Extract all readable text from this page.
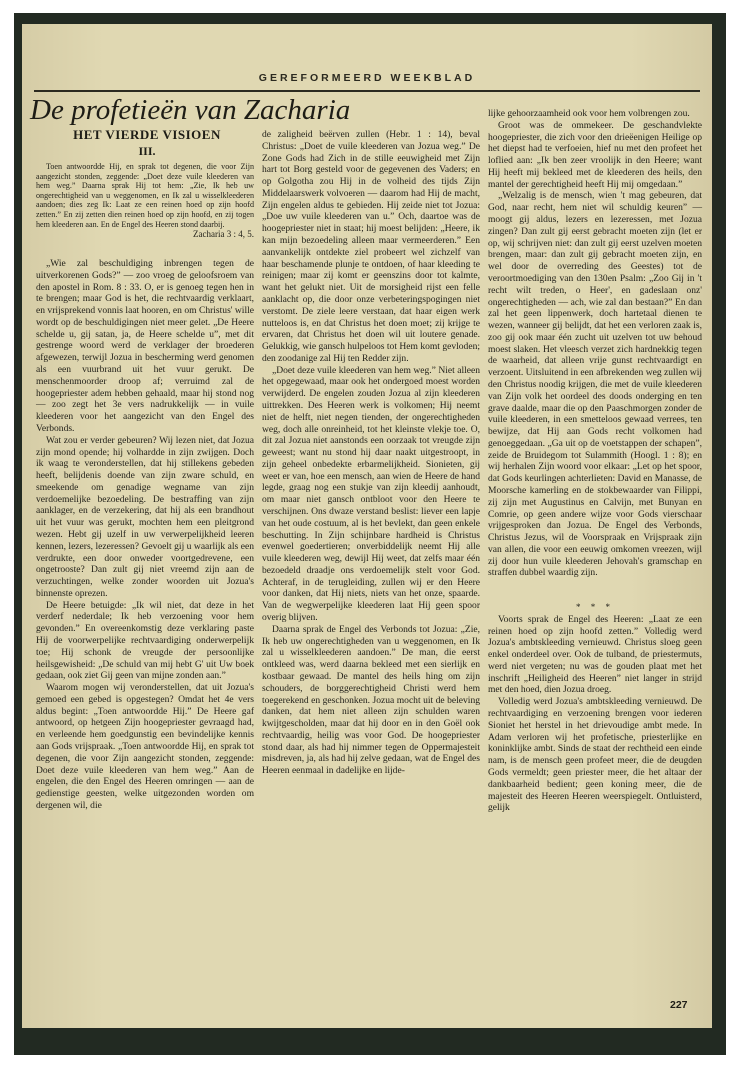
GEREFORMEERD WEEKBLAD
De profetieën van Zacharia
HET VIERDE VISIOEN
III.

Toen antwoordde Hij, en sprak tot degenen, die voor Zijn aangezicht stonden, zeggende: „Doet deze vuile kleederen van hem weg.” Daarna sprak Hij tot hem: „Zie, Ik heb uw ongerechtigheid van u weggenomen, en Ik zal u wisselkleederen aandoen; dies zeg Ik: Laat ze een reinen hoed op zijn hoofd zetten.” En zij zetten dien reinen hoed op zijn hoofd, en zij togen hem kleederen aan. En de Engel des Heeren stond daarbij.

Zacharia 3 : 4, 5.

„Wie zal beschuldiging inbrengen tegen de uitverkorenen Gods?” — zoo vroeg de geloofsroem van den apostel in Rom. 8 : 33. O, er is genoeg tegen hen in te brengen; maar God is het, die rechtvaardig verklaart, en vrijsprekend vonnis laat hooren, en om Christus' wille wordt op de beschuldigingen niet meer gelet. „De Heere schelde u, gij satan, ja, de Heere schelde u”, met dit gestrenge woord werd de verklager der broederen afgewezen, terwijl Jozua in bescherming werd genomen als een vuurbrand uit het vuur gerukt. De menschenmoorder droop af; verruimd zal de hoogepriester adem hebben gehaald, maar hij stond nog — zoo zegt het 3e vers nadrukkelijk — in vuile kleederen voor het aangezicht van den Engel des Verbonds.

Wat zou er verder gebeuren? Wij lezen niet, dat Jozua zijn mond opende; hij volhardde in zijn zwijgen. Doch ik waag te veronderstellen, dat hij stillekens gebeden heeft, belijdenis doende van zijn zware schuld, en smeekende om genadige wegname van zijn verdoemelijke bezoedeling. De bestraffing van zijn aanklager, en de verzekering, dat hij als een brandhout uit het vuur was gerukt, mochten hem een pleitgrond wezen. Hebt gij uzelf in uw verwerpelijkheid leeren kennen, lezers, lezeressen? Gevoelt gij u waarlijk als een verdrukte, een door onweder voortgedrevene, een ongetrooste? Dan zult gij niet vreemd zijn aan de verzuchtingen, welke zonder woorden uit Jozua's binnenste oprezen.

De Heere betuigde: „Ik wil niet, dat deze in het verderf nederdale; Ik heb verzoening voor hem gevonden.” En overeenkomstig deze verklaring paste Hij de voorwerpelijke rechtvaardiging onderwerpelijk toe; Hij schonk de vreugde der persoonlijke heilsgewisheid: „De schuld van mij hebt G' uit Uw boek gedaan, ook ziet Gij geen van mijne zonden aan.”

Waarom mogen wij veronderstellen, dat uit Jozua's gemoed een gebed is opgestegen? Omdat het 4e vers aldus begint: „Toen antwoordde Hij.” De Heere gaf antwoord, op hetgeen Zijn hoogepriester gevraagd had, en verleende hem goedgunstig een bevindelijke kennis aan Gods vrijspraak. „Toen antwoordde Hij, en sprak tot degenen, die voor Zijn aangezicht stonden, zeggende: Doet deze vuile kleederen van hem weg.” Aan de engelen, die den Engel des Heeren omringen — aan de gedienstige geesten, welke uitgezonden worden om dergenen wil, die

de zaligheid beërven zullen (Hebr. 1 : 14), beval Christus: „Doet de vuile kleederen van Jozua weg.” De Zone Gods had Zich in de stille eeuwigheid met Zijn hart tot Borg gesteld voor de gegevenen des Vaders; en op Golgotha zou Hij in de volheid des tijds Zijn Middelaarswerk volvoeren — daarom had Hij de macht, Zijn engelen aldus te gebieden. Hij zeide niet tot Jozua: „Doe uw vuile kleederen van u.” Och, daartoe was de hoogepriester niet in staat; hij moest belijden: „Heere, ik kan mijn bezoedeling alleen maar vermeerderen.” Een aanvankelijk ontdekte ziel probeert wel zichzelf van haar beschamende plunje te ontdoen, of haar kleeding te reinigen; maar zij komt er geenszins door tot kalmte, want het gelukt niet. Uit de morsigheid rijst een felle aanklacht op, die door onze verbeteringspogingen niet verstomt. De ziele leere verstaan, dat haar eigen werk nutteloos is, en dat Christus het doen moet; zij krijge te ervaren, dat Christus het doen wil uit loutere genade. Gelukkig, wie gansch hulpeloos tot Hem komt gevloden; den zoodanige zal Hij ten Redder zijn.

„Doet deze vuile kleederen van hem weg.” Niet alleen het opgegewaad, maar ook het ondergoed moest worden verwijderd. De engelen zouden Jozua al zijn kleederen uittrekken. Des Heeren werk is volkomen; Hij neemt niet de helft, niet negen tienden, der ongerechtigheden weg, doch alle onreinheid, tot het kleinste vlekje toe. O, dit zal Jozua niet aanstonds een oorzaak tot vreugde zijn geweest; want nu stond hij daar naakt uitgestroopt, in zijn geheel onbedekte erbarmelijkheid. Sionieten, gij weet er van, hoe een mensch, aan wien de Heere de hand legde, graag nog een stukje van zijn kleedij aanhoudt, om maar niet gansch ontbloot voor den Heere te verschijnen. Ons dwaze verstand beslist: liever een lapje van het oude costuum, al is het bevlekt, dan geen enkele beschutting. In Zijn schijnbare hardheid is Christus evenwel goedertieren; onverbiddelijk neemt Hij alle vuile kleederen weg, dewijl Hij weet, dat zelfs maar één bezoedeld draadje ons verdoemelijk stelt voor God. Achteraf, in de terugleiding, zullen wij er den Heere voor danken, dat Hij niets, niets van het onze, spaarde. Van de wegwerpelijke kleederen laat Hij geen spoor overig blijven.

Daarna sprak de Engel des Verbonds tot Jozua: „Zie, Ik heb uw ongerechtigheden van u weggenomen, en Ik zal u wisselkleederen aandoen.” De man, die eerst ontkleed was, werd daarna bekleed met een sierlijk en kostbaar gewaad. De mantel des heils hing om zijn schouders, de borggerechtigheid Christi werd hem toegerekend en geschonken. Jozua mocht uit de beleving danken, dat hem niet alleen zijn schulden waren kwijtgescholden, maar dat hij door en in den Goël ook rechtvaardig, heilig was voor God. De hoogepriester stond daar, als had hij nimmer tegen de Oppermajesteit misdreven, ja, als had hij zelve gedaan, wat de Engel des Heeren eenmaal in dadelijke en lijde-

lijke gehoorzaamheid ook voor hem volbrengen zou.

Groot was de ommekeer. De geschandvlekte hoogepriester, die zich voor den drieëenigen Heilige op het diepst had te verfoeien, hief nu met den profeet het loflied aan: „Ik ben zeer vroolijk in den Heere; want Hij heeft mij bekleed met de kleederen des heils, den mantel der gerechtigheid heeft Hij mij omgedaan.”

„Welzalig is de mensch, wien 't mag gebeuren, dat God, naar recht, hem niet wil schuldig keuren” — moogt gij aldus, lezers en lezeressen, met Jozua zingen? Dan zult gij eerst gebracht moeten zijn (let er op, wij schrijven niet: dan zult gij eerst uzelven moeten brengen, maar: dan zult gij gebracht moeten zijn, en wel door de overreding des Geestes) tot de veroortmoediging van den 130en Psalm: „Zoo Gij in 't recht wilt treden, o Heer', en gadeslaan onz' ongerechtigheden — ach, wie zal dan bestaan?” En dan zal het geen lippenwerk, doch hartetaal dienen te wezen, wanneer gij belijdt, dat het een verloren zaak is, zoo gij ook maar één zucht uit uzelven tot uw behoud moest slaken. Het vleesch verzet zich hardnekkig tegen de waarheid, dat alleen vrije gunst rechtvaardigt en verzoent. Uitsluitend in een afbrekenden weg zullen wij den Christus noodig krijgen, die met de vuile kleederen van Zijn volk het oordeel des doods onderging en ten grave daalde, maar die op den Paaschmorgen zonder de vuile kleederen, in een smetteloos gewaad verrees, ten bewijze, dat Hij aan Gods recht volkomen had genoeggedaan. „Ga uit op de voetstappen der schapen”, zeide de Bruidegom tot Sulammith (Hoogl. 1 : 8); en wij herhalen Zijn woord voor elkaar: „Let op het spoor, dat Gods keurlingen achterlieten: David en Manasse, de Moorsche kamerling en de stokbewaarder van Filippi, zij zijn met Augustinus en Calvijn, met Bunyan en Comrie, op geen andere wijze voor Gods vierschaar vrijgesproken dan Jozua. De Engel des Verbonds, Christus Jezus, wil de Voorspraak en Vrijspraak zijn van allen, die voor een eeuwig omkomen vreezen, wijl zij door hun vuile kleederen Jehovah's gramschap en straffen dubbel waardig zijn.

* * *

Voorts sprak de Engel des Heeren: „Laat ze een reinen hoed op zijn hoofd zetten.” Volledig werd Jozua's ambtskleeding vernieuwd. Christus sloeg geen enkel onderdeel over. Ook de tulband, de priestermuts, werd niet vergeten; nu was de gouden plaat met het inschrift „Heiligheid des Heeren” niet langer in strijd met den hoed, dien Jozua droeg.

Volledig werd Jozua's ambtskleeding vernieuwd. De rechtvaardiging en verzoening brengen voor iederen Sioniet het herstel in het drievoudige ambt mede. In Adam verloren wij het profetische, priesterlijke en koninklijke ambt. Sinds de staat der rechtheid een einde nam, is de mensch geen profeet meer, die de deugden Gods vermeldt; geen priester meer, die het altaar der dankbaarheid bedient; geen koning meer, die de majesteit des Heeren Heeren weerspiegelt. Ontluisterd, gelijk

227
